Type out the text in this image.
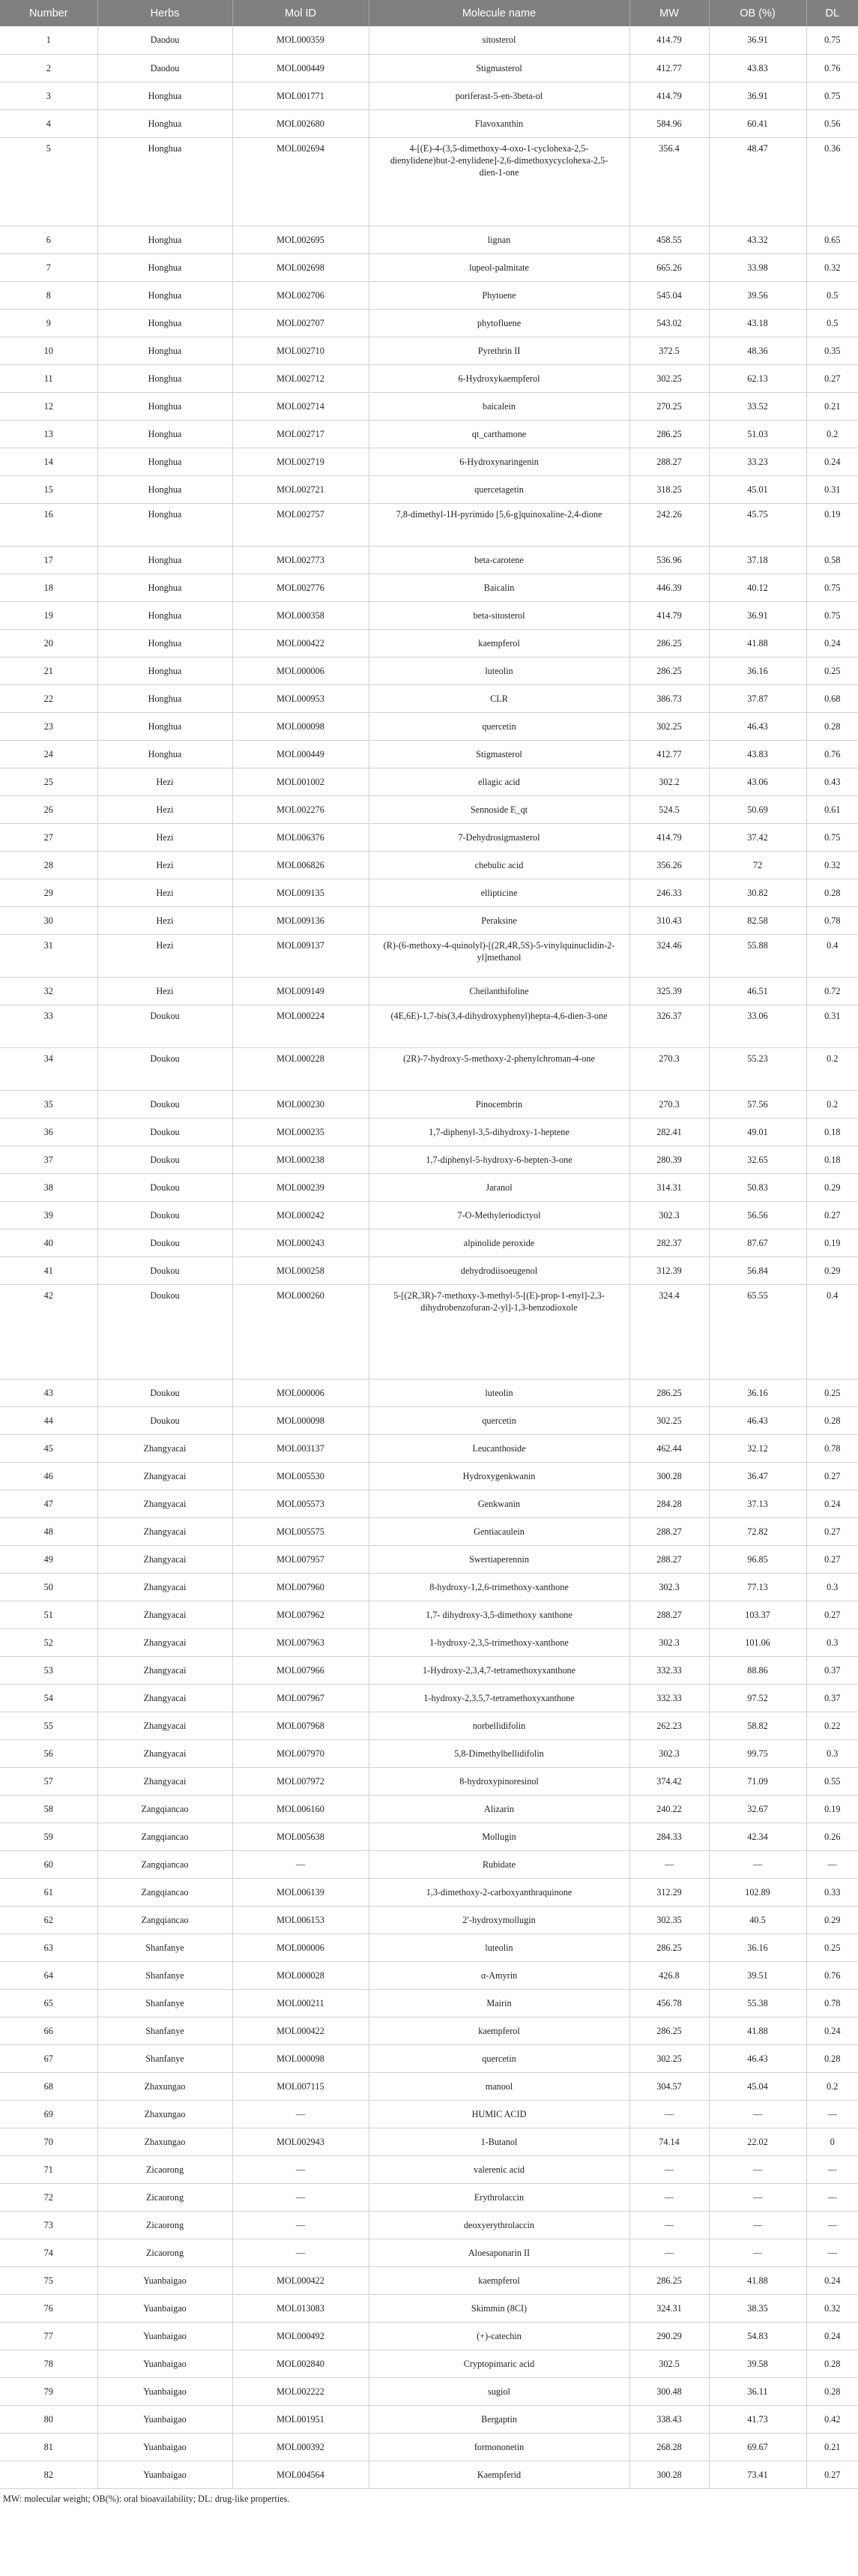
Number	Herbs	Mol ID	Molecule name	MW	OB (%)	DL
1	Daodou	MOL000359	sitosterol	414.79	36.91	0.75
2	Daodou	MOL000449	Stigmasterol	412.77	43.83	0.76
3	Honghua	MOL001771	poriferast-5-en-3beta-ol	414.79	36.91	0.75
4	Honghua	MOL002680	Flavoxanthin	584.96	60.41	0.56
5	Honghua	MOL002694	4-[(E)-4-(3,5-dimethoxy-4-oxo-1-cyclohexa-2,5-dienylidene)but-2-enylidene]-2,6-dimethoxycyclohexa-2,5-dien-1-one	356.4	48.47	0.36
6	Honghua	MOL002695	lignan	458.55	43.32	0.65
7	Honghua	MOL002698	lupeol-palmitate	665.26	33.98	0.32
8	Honghua	MOL002706	Phytoene	545.04	39.56	0.5
9	Honghua	MOL002707	phytofluene	543.02	43.18	0.5
10	Honghua	MOL002710	Pyrethrin II	372.5	48.36	0.35
11	Honghua	MOL002712	6-Hydroxykaempferol	302.25	62.13	0.27
12	Honghua	MOL002714	baicalein	270.25	33.52	0.21
13	Honghua	MOL002717	qt_carthamone	286.25	51.03	0.2
14	Honghua	MOL002719	6-Hydroxynaringenin	288.27	33.23	0.24
15	Honghua	MOL002721	quercetagetin	318.25	45.01	0.31
16	Honghua	MOL002757	7,8-dimethyl-1H-pyrimido [5,6-g]quinoxaline-2,4-dione	242.26	45.75	0.19
17	Honghua	MOL002773	beta-carotene	536.96	37.18	0.58
18	Honghua	MOL002776	Baicalin	446.39	40.12	0.75
19	Honghua	MOL000358	beta-sitosterol	414.79	36.91	0.75
20	Honghua	MOL000422	kaempferol	286.25	41.88	0.24
21	Honghua	MOL000006	luteolin	286.25	36.16	0.25
22	Honghua	MOL000953	CLR	386.73	37.87	0.68
23	Honghua	MOL000098	quercetin	302.25	46.43	0.28
24	Honghua	MOL000449	Stigmasterol	412.77	43.83	0.76
25	Hezi	MOL001002	ellagic acid	302.2	43.06	0.43
26	Hezi	MOL002276	Sennoside E_qt	524.5	50.69	0.61
27	Hezi	MOL006376	7-Dehydrosigmasterol	414.79	37.42	0.75
28	Hezi	MOL006826	chebulic acid	356.26	72	0.32
29	Hezi	MOL009135	ellipticine	246.33	30.82	0.28
30	Hezi	MOL009136	Peraksine	310.43	82.58	0.78
31	Hezi	MOL009137	(R)-(6-methoxy-4-quinolyl)-[(2R,4R,5S)-5-vinylquinuclidin-2-yl]methanol	324.46	55.88	0.4
32	Hezi	MOL009149	Cheilanthifoline	325.39	46.51	0.72
33	Doukou	MOL000224	(4E,6E)-1,7-bis(3,4-dihydroxyphenyl)hepta-4,6-dien-3-one	326.37	33.06	0.31
34	Doukou	MOL000228	(2R)-7-hydroxy-5-methoxy-2-phenylchroman-4-one	270.3	55.23	0.2
35	Doukou	MOL000230	Pinocembrin	270.3	57.56	0.2
36	Doukou	MOL000235	1,7-diphenyl-3,5-dihydroxy-1-heptene	282.41	49.01	0.18
37	Doukou	MOL000238	1,7-diphenyl-5-hydroxy-6-hepten-3-one	280.39	32.65	0.18
38	Doukou	MOL000239	Jaranol	314.31	50.83	0.29
39	Doukou	MOL000242	7-O-Methyleriodictyol	302.3	56.56	0.27
40	Doukou	MOL000243	alpinolide peroxide	282.37	87.67	0.19
41	Doukou	MOL000258	dehydrodiisoeugenol	312.39	56.84	0.29
42	Doukou	MOL000260	5-[(2R,3R)-7-methoxy-3-methyl-5-[(E)-prop-1-enyl]-2,3-dihydrobenzofuran-2-yl]-1,3-benzodioxole	324.4	65.55	0.4
43	Doukou	MOL000006	luteolin	286.25	36.16	0.25
44	Doukou	MOL000098	quercetin	302.25	46.43	0.28
45	Zhangyacai	MOL003137	Leucanthoside	462.44	32.12	0.78
46	Zhangyacai	MOL005530	Hydroxygenkwanin	300.28	36.47	0.27
47	Zhangyacai	MOL005573	Genkwanin	284.28	37.13	0.24
48	Zhangyacai	MOL005575	Gentiacaulein	288.27	72.82	0.27
49	Zhangyacai	MOL007957	Swertiaperennin	288.27	96.85	0.27
50	Zhangyacai	MOL007960	8-hydroxy-1,2,6-trimethoxy-xanthone	302.3	77.13	0.3
51	Zhangyacai	MOL007962	1,7- dihydroxy-3,5-dimethoxy xanthone	288.27	103.37	0.27
52	Zhangyacai	MOL007963	1-hydroxy-2,3,5-trimethoxy-xanthone	302.3	101.06	0.3
53	Zhangyacai	MOL007966	1-Hydroxy-2,3,4,7-tetramethoxyxanthone	332.33	88.86	0.37
54	Zhangyacai	MOL007967	1-hydroxy-2,3,5,7-tetramethoxyxanthone	332.33	97.52	0.37
55	Zhangyacai	MOL007968	norbellidifolin	262.23	58.82	0.22
56	Zhangyacai	MOL007970	5,8-Dimethylbellidifolin	302.3	99.75	0.3
57	Zhangyacai	MOL007972	8-hydroxypinoresinol	374.42	71.09	0.55
58	Zangqiancao	MOL006160	Alizarin	240.22	32.67	0.19
59	Zangqiancao	MOL005638	Mollugin	284.33	42.34	0.26
60	Zangqiancao	—	Rubidate	—	—	—
61	Zangqiancao	MOL006139	1,3-dimethoxy-2-carboxyanthraquinone	312.29	102.89	0.33
62	Zangqiancao	MOL006153	2′-hydroxymollugin	302.35	40.5	0.29
63	Shanfanye	MOL000006	luteolin	286.25	36.16	0.25
64	Shanfanye	MOL000028	α-Amyrin	426.8	39.51	0.76
65	Shanfanye	MOL000211	Mairin	456.78	55.38	0.78
66	Shanfanye	MOL000422	kaempferol	286.25	41.88	0.24
67	Shanfanye	MOL000098	quercetin	302.25	46.43	0.28
68	Zhaxungao	MOL007115	manool	304.57	45.04	0.2
69	Zhaxungao	—	HUMIC ACID	—	—	—
70	Zhaxungao	MOL002943	1-Butanol	74.14	22.02	0
71	Zicaorong	—	valerenic acid	—	—	—
72	Zicaorong	—	Erythrolaccin	—	—	—
73	Zicaorong	—	deoxyerythrolaccin	—	—	—
74	Zicaorong	—	Aloesaponarin II	—	—	—
75	Yuanbaigao	MOL000422	kaempferol	286.25	41.88	0.24
76	Yuanbaigao	MOL013083	Skimmin (8CI)	324.31	38.35	0.32
77	Yuanbaigao	MOL000492	(+)-catechin	290.29	54.83	0.24
78	Yuanbaigao	MOL002840	Cryptopimaric acid	302.5	39.58	0.28
79	Yuanbaigao	MOL002222	sugiol	300.48	36.11	0.28
80	Yuanbaigao	MOL001951	Bergaptin	338.43	41.73	0.42
81	Yuanbaigao	MOL000392	formononetin	268.28	69.67	0.21
82	Yuanbaigao	MOL004564	Kaempferid	300.28	73.41	0.27
MW: molecular weight; OB(%): oral bioavailability; DL: drug-like properties.
